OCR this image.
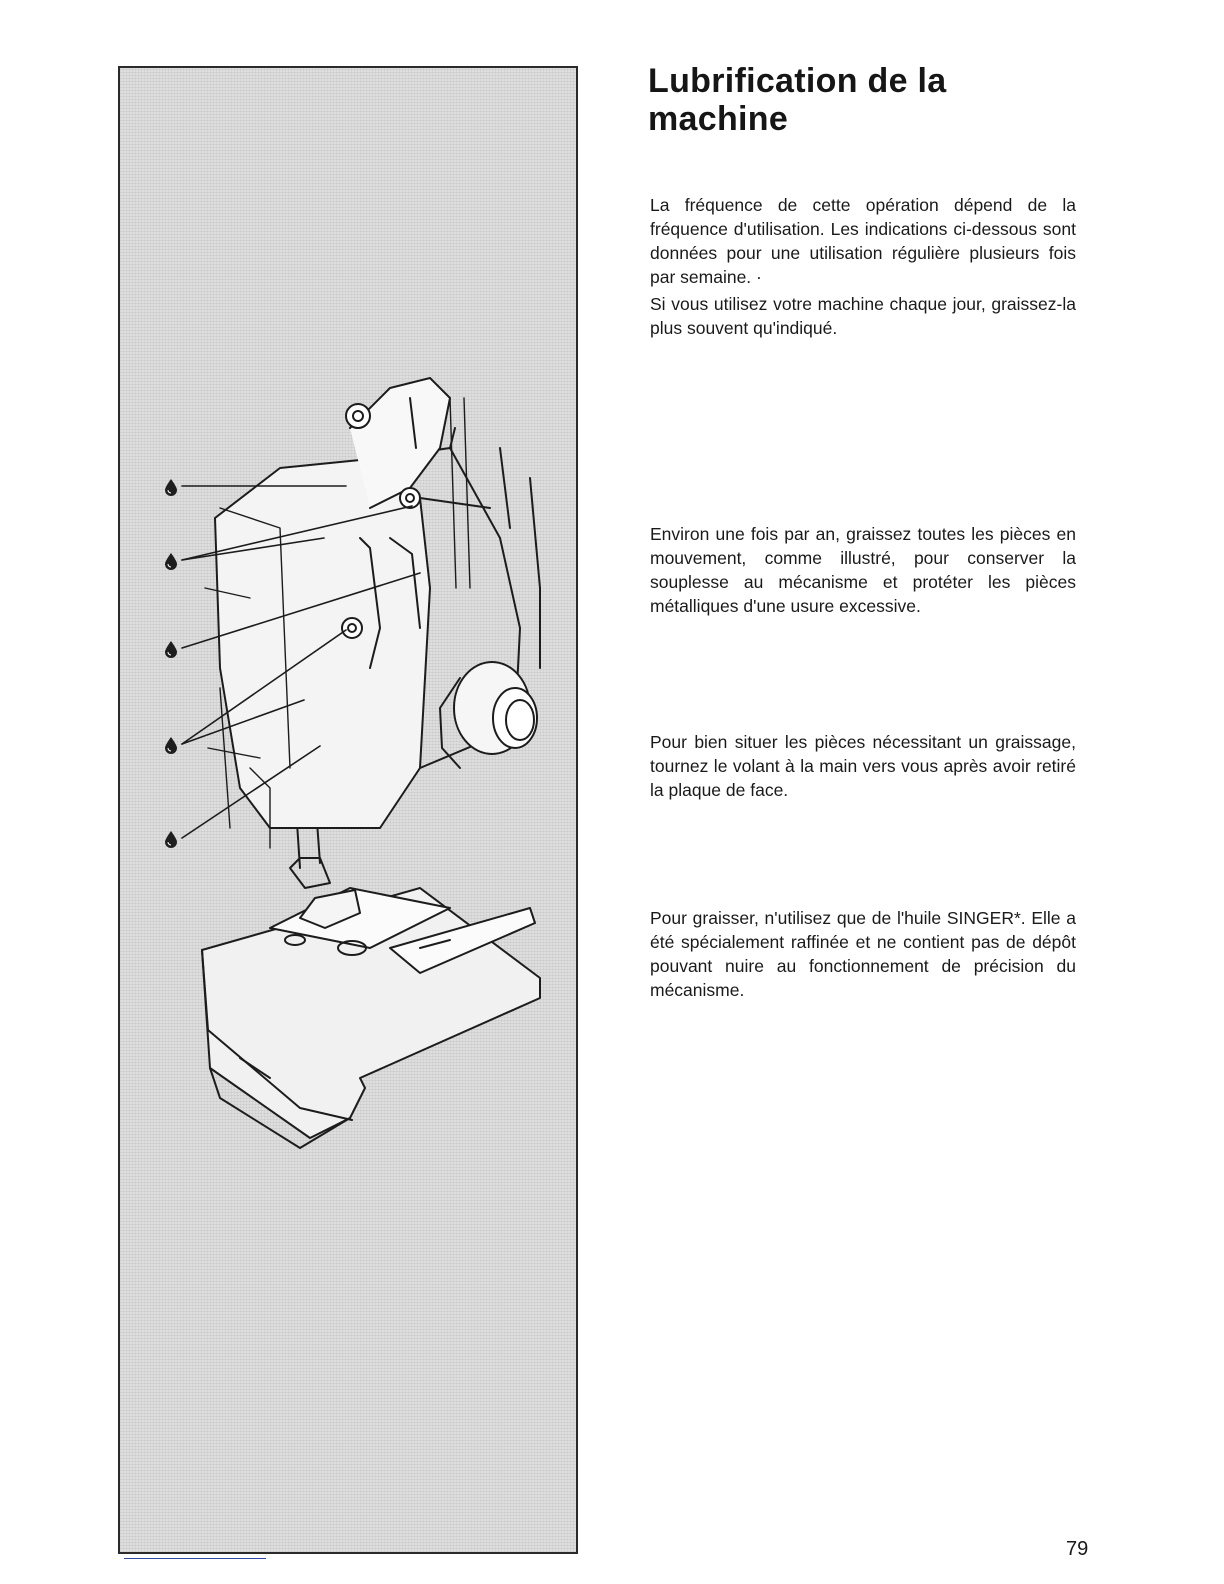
Lubrification de la
machine

La fréquence de cette opération dépend de la fréquence d'utilisation. Les indications ci-dessous sont données pour une utilisation régulière plusieurs fois par semaine. ·

Si vous utilisez votre machine chaque jour, graissez-la plus souvent qu'indiqué.

Environ une fois par an, graissez toutes les pièces en mouvement, comme illustré, pour conserver la souplesse au mécanisme et protéter les pièces métalliques d'une usure excessive.

Pour bien situer les pièces nécessitant un graissage, tournez le volant à la main vers vous après avoir retiré la plaque de face.

Pour graisser, n'utilisez que de l'huile SINGER*. Elle a été spécialement raffinée et ne contient pas de dépôt pouvant nuire au fonctionnement de précision du mécanisme.

79
